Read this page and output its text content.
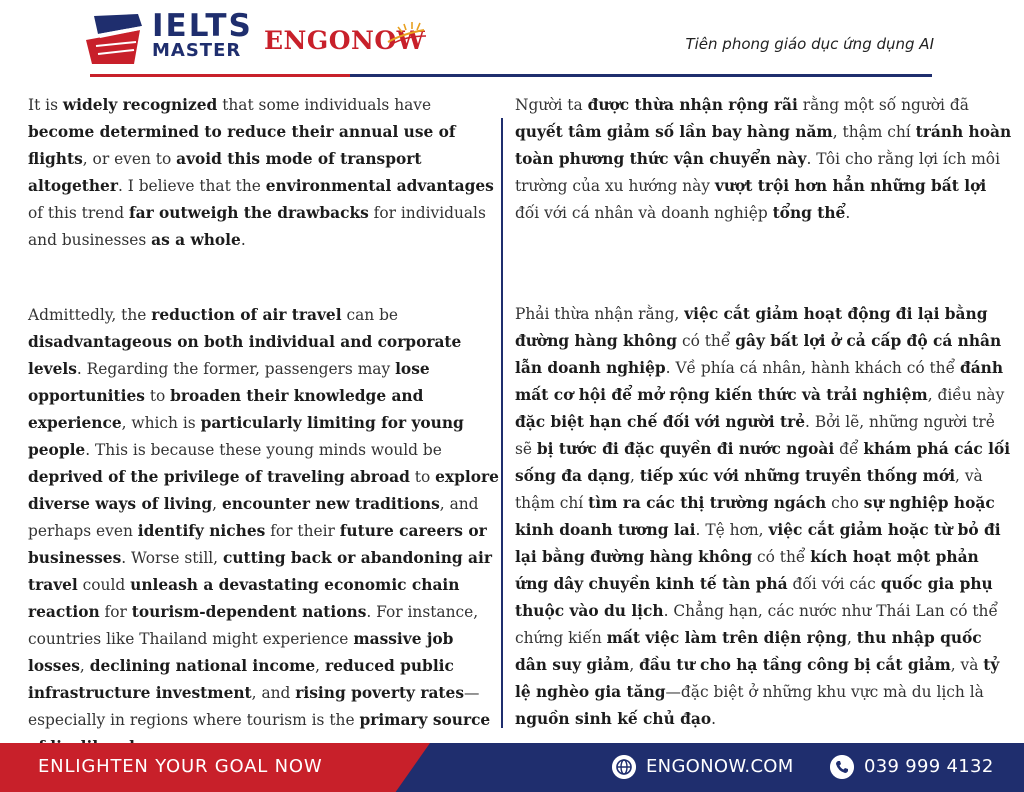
IELTS
MASTER ENGONOW	Tiên phong giáo dục ứng dụng AI

It is widely recognized that some individuals have become determined to reduce their annual use of flights, or even to avoid this mode of transport altogether. I believe that the environmental advantages of this trend far outweigh the drawbacks for individuals and businesses as a whole.

Admittedly, the reduction of air travel can be disadvantageous on both individual and corporate levels. Regarding the former, passengers may lose opportunities to broaden their knowledge and experience, which is particularly limiting for young people. This is because these young minds would be deprived of the privilege of traveling abroad to explore diverse ways of living, encounter new traditions, and perhaps even identify niches for their future careers or businesses. Worse still, cutting back or abandoning air travel could unleash a devastating economic chain reaction for tourism-dependent nations. For instance, countries like Thailand might experience massive job losses, declining national income, reduced public infrastructure investment, and rising poverty rates—especially in regions where tourism is the primary source

Người ta được thừa nhận rộng rãi rằng một số người đã quyết tâm giảm số lần bay hàng năm, thậm chí tránh hoàn toàn phương thức vận chuyển này. Tôi cho rằng lợi ích môi trường của xu hướng này vượt trội hơn hẳn những bất lợi đối với cá nhân và doanh nghiệp tổng thể.

Phải thừa nhận rằng, việc cắt giảm hoạt động đi lại bằng đường hàng không có thể gây bất lợi ở cả cấp độ cá nhân lẫn doanh nghiệp. Về phía cá nhân, hành khách có thể đánh mất cơ hội để mở rộng kiến thức và trải nghiệm, điều này đặc biệt hạn chế đối với người trẻ. Bởi lẽ, những người trẻ sẽ bị tước đi đặc quyền đi nước ngoài để khám phá các lối sống đa dạng, tiếp xúc với những truyền thống mới, và thậm chí tìm ra các thị trường ngách cho sự nghiệp hoặc kinh doanh tương lai. Tệ hơn, việc cắt giảm hoặc từ bỏ đi lại bằng đường hàng không có thể kích hoạt một phản ứng dây chuyền kinh tế tàn phá đối với các quốc gia phụ thuộc vào du lịch. Chẳng hạn, các nước như Thái Lan có thể chứng kiến mất việc làm trên diện rộng, thu nhập quốc dân suy giảm, đầu tư cho hạ tầng công bị cắt giảm, và tỷ lệ nghèo gia tăng—đặc biệt ở những khu vực mà du lịch là nguồn sinh kế chủ đạo.

ENLIGHTEN YOUR GOAL NOW	ENGONOW.COM	039 999 4132
